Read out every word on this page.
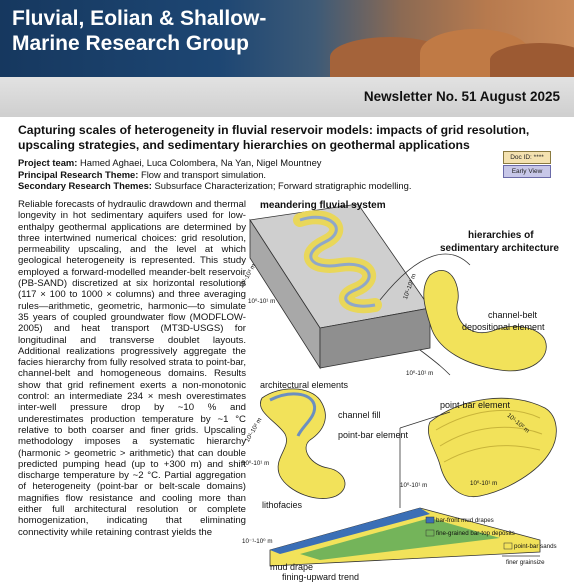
Fluvial, Eolian & Shallow-Marine Research Group
Newsletter No. 51 August 2025
Capturing scales of heterogeneity in fluvial reservoir models: impacts of grid resolution, upscaling strategies, and sedimentary hierarchies on geothermal applications
Project team: Hamed Aghaei, Luca Colombera, Na Yan, Nigel Mountney
Principal Research Theme: Flow and transport simulation.
Secondary Research Themes: Subsurface Characterization; Forward stratigraphic modelling.
Doc ID: ****
Early View

Reliable forecasts of hydraulic drawdown and thermal longevity in hot sedimentary aquifers used for low-enthalpy geothermal applications are determined by three intertwined numerical choices: grid resolution, permeability upscaling, and the level at which geological heterogeneity is represented. This study employed a forward-modelled meander-belt reservoir (PB-SAND) discretized at six horizontal resolutions (117 × 100 to 1000 × columns) and three averaging rules—arithmetic, geometric, harmonic—to simulate 35 years of coupled groundwater flow (MODFLOW-2005) and heat transport (MT3D-USGS) for longitudinal and transverse doublet layouts. Additional realizations progressively aggregate the facies hierarchy from fully resolved strata to point-bar, channel-belt and homogeneous domains. Results show that grid refinement exerts a non-monotonic control: an intermediate 234 × mesh overestimates inter-well pressure drop by ~10 % and underestimates production temperature by ~1 °C relative to both coarser and finer grids. Upscaling methodology imposes a systematic hierarchy (harmonic > geometric > arithmetic) that can double predicted pumping head (up to +300 m) and shift discharge temperature by ~2 °C. Partial aggregation of heterogeneity (point-bar or belt-scale domains) magnifies flow resistance and cooling more than either full architectural resolution or complete homogenization, indicating that eliminating connectivity while retaining contrast yields the

meandering fluvial system
hierarchies of
sedimentary architecture
channel-belt
depositional element
architectural elements
channel fill
point-bar element
point-bar element
lithofacies
mud drape
fining-upward trend
bar-front mud drapes
fine-grained bar-top deposits
point-bar sands
finer grainsize
10¹-10³ m
10⁰-10¹ m
10¹-10³ m
10⁰-10¹ m
10¹-10² m
10⁰-10¹ m
10¹-10² m
10⁰-10¹ m
10⁰-10¹ m
10⁻¹-10⁰ m
